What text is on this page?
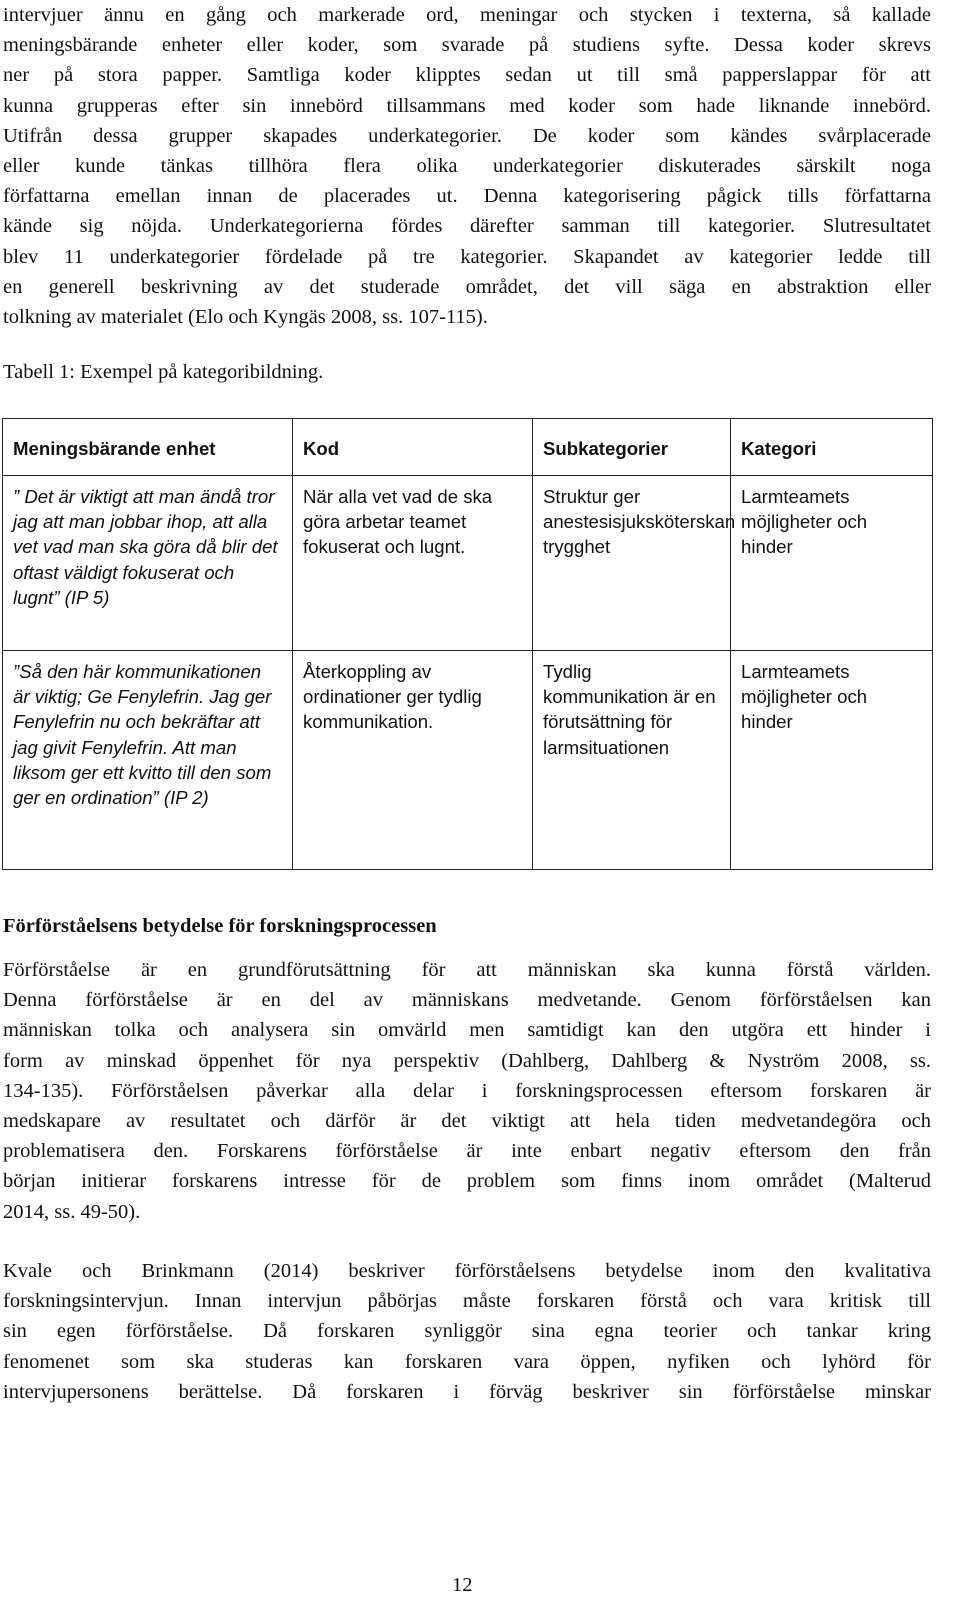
intervjuer ännu en gång och markerade ord, meningar och stycken i texterna, så kallade
meningsbärande enheter eller koder, som svarade på studiens syfte. Dessa koder skrevs
ner på stora papper. Samtliga koder klipptes sedan ut till små papperslappar för att
kunna grupperas efter sin innebörd tillsammans med koder som hade liknande innebörd.
Utifrån dessa grupper skapades underkategorier. De koder som kändes svårplacerade
eller kunde tänkas tillhöra flera olika underkategorier diskuterades särskilt noga
författarna emellan innan de placerades ut. Denna kategorisering pågick tills författarna
kände sig nöjda. Underkategorierna fördes därefter samman till kategorier. Slutresultatet
blev 11 underkategorier fördelade på tre kategorier. Skapandet av kategorier ledde till
en generell beskrivning av det studerade området, det vill säga en abstraktion eller
tolkning av materialet (Elo och Kyngäs 2008, ss. 107-115).

Tabell 1: Exempel på kategoribildning.

Meningsbärande enhet	Kod	Subkategorier	Kategori
” Det är viktigt att man ändå tror jag att man jobbar ihop, att alla vet vad man ska göra då blir det oftast väldigt fokuserat och lugnt” (IP 5)	När alla vet vad de ska göra arbetar teamet fokuserat och lugnt.	Struktur ger anestesisjuksköterskan trygghet	Larmteamets möjligheter och hinder
”Så den här kommunikationen är viktig; Ge Fenylefrin. Jag ger Fenylefrin nu och bekräftar att jag givit Fenylefrin. Att man liksom ger ett kvitto till den som ger en ordination” (IP 2)	Återkoppling av ordinationer ger tydlig kommunikation.	Tydlig kommunikation är en förutsättning för larmsituationen	Larmteamets möjligheter och hinder
Förförståelsens betydelse för forskningsprocessen
Förförståelse är en grundförutsättning för att människan ska kunna förstå världen.
Denna förförståelse är en del av människans medvetande. Genom förförståelsen kan
människan tolka och analysera sin omvärld men samtidigt kan den utgöra ett hinder i
form av minskad öppenhet för nya perspektiv (Dahlberg, Dahlberg & Nyström 2008, ss.
134-135). Förförståelsen påverkar alla delar i forskningsprocessen eftersom forskaren är
medskapare av resultatet och därför är det viktigt att hela tiden medvetandegöra och
problematisera den. Forskarens förförståelse är inte enbart negativ eftersom den från
början initierar forskarens intresse för de problem som finns inom området (Malterud
2014, ss. 49-50).
Kvale och Brinkmann (2014) beskriver förförståelsens betydelse inom den kvalitativa
forskningsintervjun. Innan intervjun påbörjas måste forskaren förstå och vara kritisk till
sin egen förförståelse. Då forskaren synliggör sina egna teorier och tankar kring
fenomenet som ska studeras kan forskaren vara öppen, nyfiken och lyhörd för
intervjupersonens berättelse. Då forskaren i förväg beskriver sin förförståelse minskar

12
